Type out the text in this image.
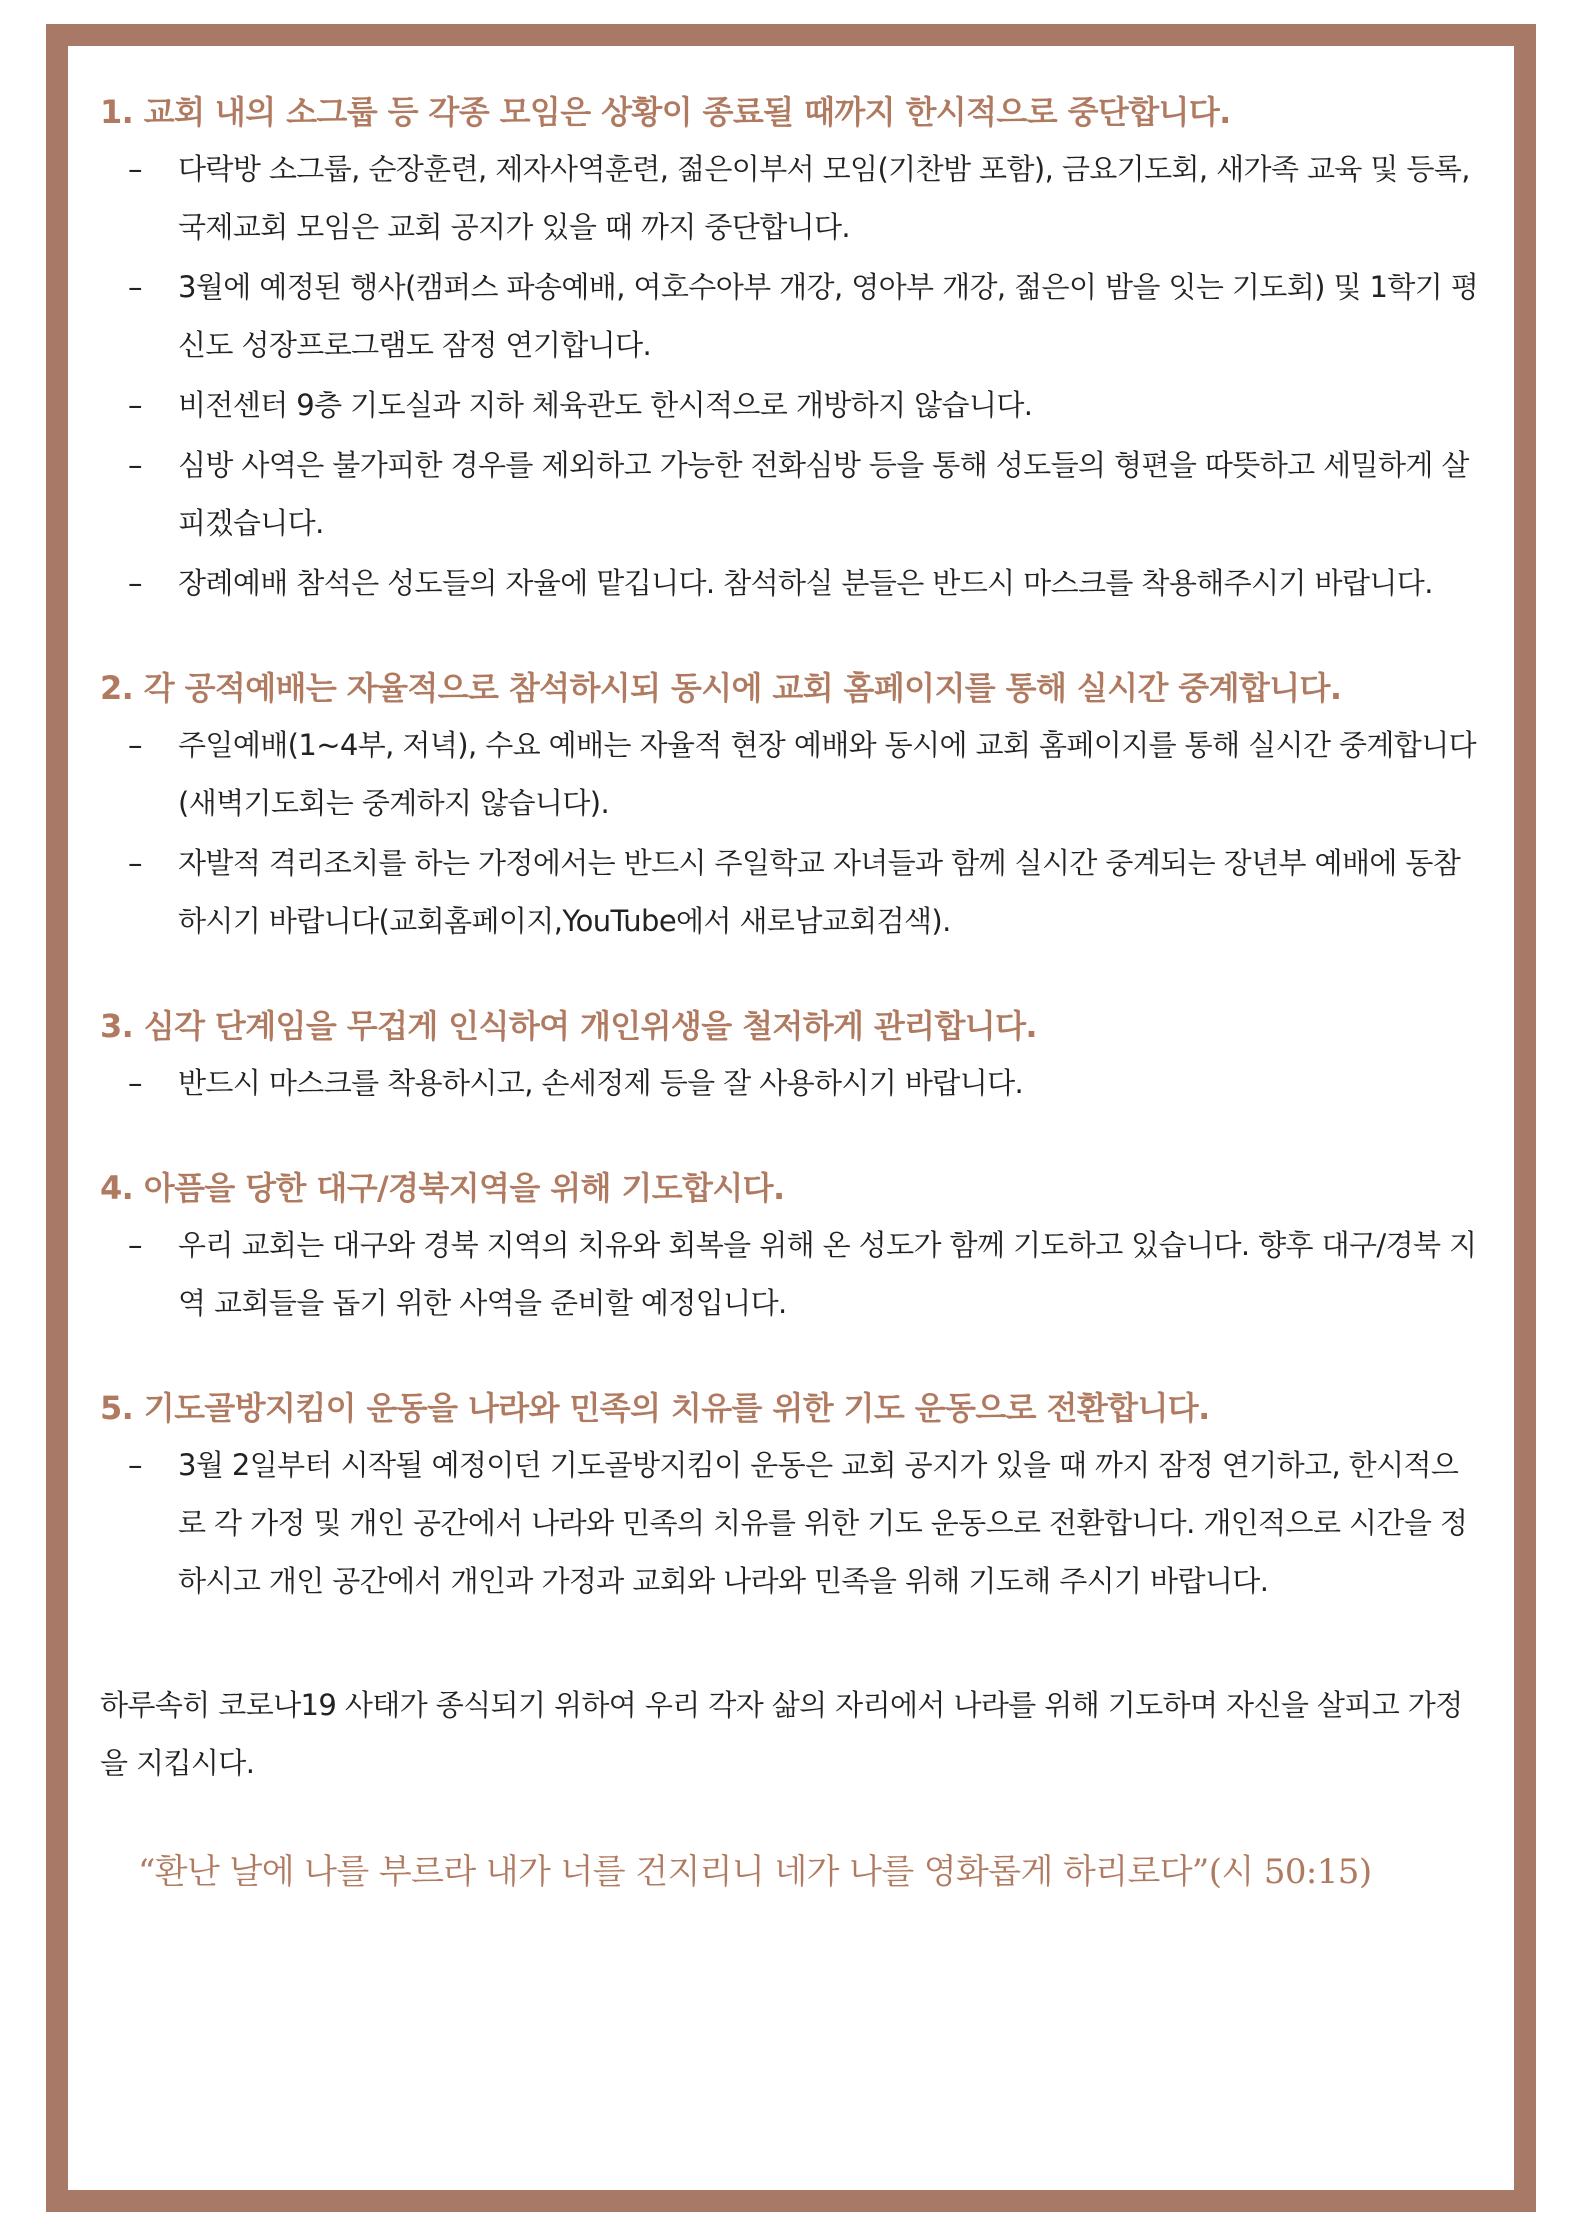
1. 교회 내의 소그룹 등 각종 모임은 상황이 종료될 때까지 한시적으로 중단합니다.
–	다락방 소그룹, 순장훈련, 제자사역훈련, 젊은이부서 모임(기찬밤 포함), 금요기도회, 새가족 교육 및 등록, 국제교회 모임은 교회 공지가 있을 때 까지 중단합니다.
–	3월에 예정된 행사(캠퍼스 파송예배, 여호수아부 개강, 영아부 개강, 젊은이 밤을 잇는 기도회) 및 1학기 평신도 성장프로그램도 잠정 연기합니다.
–	비전센터 9층 기도실과 지하 체육관도 한시적으로 개방하지 않습니다.
–	심방 사역은 불가피한 경우를 제외하고 가능한 전화심방 등을 통해 성도들의 형편을 따뜻하고 세밀하게 살피겠습니다.
–	장례예배 참석은 성도들의 자율에 맡깁니다. 참석하실 분들은 반드시 마스크를 착용해주시기 바랍니다.
2. 각 공적예배는 자율적으로 참석하시되 동시에 교회 홈페이지를 통해 실시간 중계합니다.
–	주일예배(1~4부, 저녁), 수요 예배는 자율적 현장 예배와 동시에 교회 홈페이지를 통해 실시간 중계합니다(새벽기도회는 중계하지 않습니다).
–	자발적 격리조치를 하는 가정에서는 반드시 주일학교 자녀들과 함께 실시간 중계되는 장년부 예배에 동참하시기 바랍니다(교회홈페이지,YouTube에서 새로남교회검색).
3. 심각 단계임을 무겁게 인식하여 개인위생을 철저하게 관리합니다.
–	반드시 마스크를 착용하시고, 손세정제 등을 잘 사용하시기 바랍니다.
4. 아픔을 당한 대구/경북지역을 위해 기도합시다.
–	우리 교회는 대구와 경북 지역의 치유와 회복을 위해 온 성도가 함께 기도하고 있습니다. 향후 대구/경북 지역 교회들을 돕기 위한 사역을 준비할 예정입니다.
5. 기도골방지킴이 운동을 나라와 민족의 치유를 위한 기도 운동으로 전환합니다.
–	3월 2일부터 시작될 예정이던 기도골방지킴이 운동은 교회 공지가 있을 때 까지 잠정 연기하고, 한시적으로 각 가정 및 개인 공간에서 나라와 민족의 치유를 위한 기도 운동으로 전환합니다. 개인적으로 시간을 정하시고 개인 공간에서 개인과 가정과 교회와 나라와 민족을 위해 기도해 주시기 바랍니다.
하루속히 코로나19 사태가 종식되기 위하여 우리 각자 삶의 자리에서 나라를 위해 기도하며 자신을 살피고 가정을 지킵시다.
“환난 날에 나를 부르라 내가 너를 건지리니 네가 나를 영화롭게 하리로다”(시 50:15)
